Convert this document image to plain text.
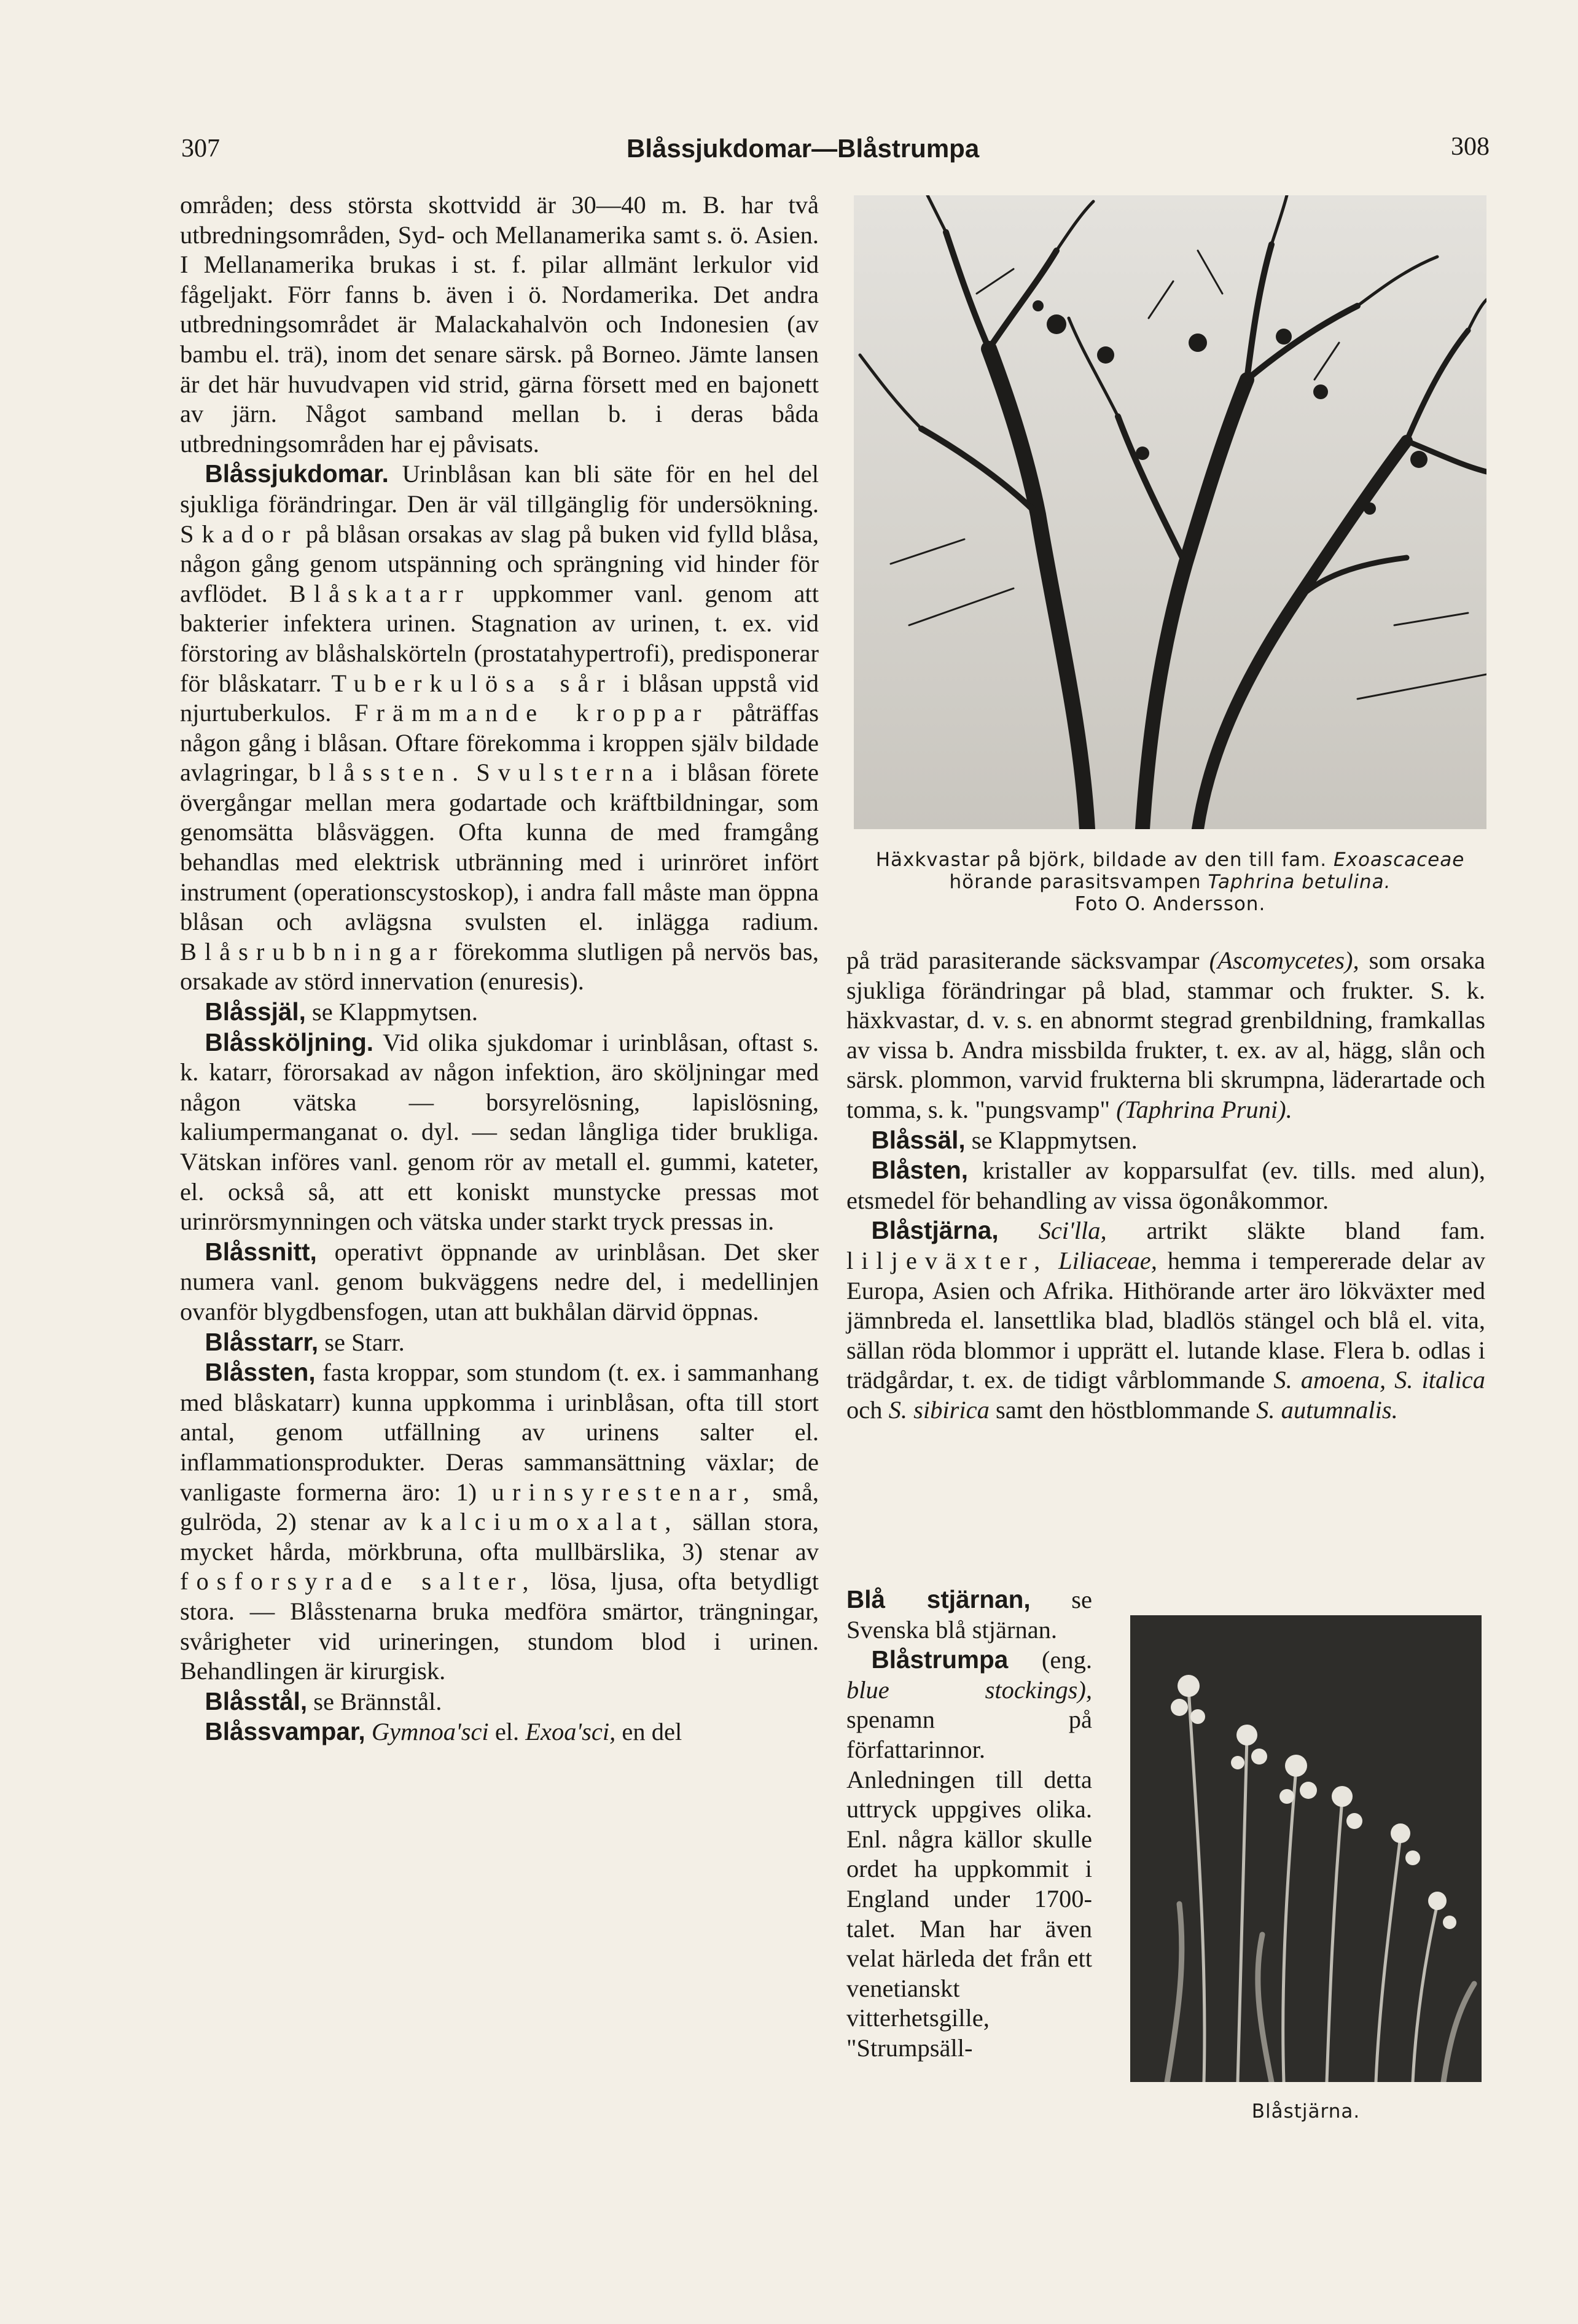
307	Blåssjukdomar—Blåstrumpa	308

områden; dess största skottvidd är 30—40 m. B. har två utbredningsområden, Syd- och Mellanamerika samt s. ö. Asien. I Mellanamerika brukas i st. f. pilar allmänt lerkulor vid fågeljakt. Förr fanns b. även i ö. Nordamerika. Det andra utbredningsområdet är Malackahalvön och Indonesien (av bambu el. trä), inom det senare särsk. på Borneo. Jämte lansen är det här huvudvapen vid strid, gärna försett med en bajonett av järn. Något samband mellan b. i deras båda utbredningsområden har ej påvisats.

 Blåssjukdomar. Urinblåsan kan bli säte för en hel del sjukliga förändringar. Den är väl tillgänglig för undersökning. Skador på blåsan orsakas av slag på buken vid fylld blåsa, någon gång genom utspänning och sprängning vid hinder för avflödet. Blåskatarr uppkommer vanl. genom att bakterier infektera urinen. Stagnation av urinen, t. ex. vid förstoring av blåshalskörteln (prostatahypertrofi), predisponerar för blåskatarr. Tuberkulösa sår i blåsan uppstå vid njurtuberkulos. Främmande kroppar påträffas någon gång i blåsan. Oftare förekomma i kroppen själv bildade avlagringar, blåssten. Svulsterna i blåsan förete övergångar mellan mera godartade och kräftbildningar, som genomsätta blåsväggen. Ofta kunna de med framgång behandlas med elektrisk utbränning med i urinröret infört instrument (operationscystoskop), i andra fall måste man öppna blåsan och avlägsna svulsten el. inlägga radium. Blåsrubbningar förekomma slutligen på nervös bas, orsakade av störd innervation (enuresis).

 Blåssjäl, se Klappmytsen.

 Blåssköljning. Vid olika sjukdomar i urinblåsan, oftast s. k. katarr, förorsakad av någon infektion, äro sköljningar med någon vätska — borsyrelösning, lapislösning, kaliumpermanganat o. dyl. — sedan långliga tider brukliga. Vätskan införes vanl. genom rör av metall el. gummi, kateter, el. också så, att ett koniskt munstycke pressas mot urinrörsmynningen och vätska under starkt tryck pressas in.

 Blåssnitt, operativt öppnande av urinblåsan. Det sker numera vanl. genom bukväggens nedre del, i medellinjen ovanför blygdbensfogen, utan att bukhålan därvid öppnas.

 Blåsstarr, se Starr.

 Blåssten, fasta kroppar, som stundom (t. ex. i sammanhang med blåskatarr) kunna uppkomma i urinblåsan, ofta till stort antal, genom utfällning av urinens salter el. inflammationsprodukter. Deras sammansättning växlar; de vanligaste formerna äro: 1) urinsyrestenar, små, gulröda, 2) stenar av kalciumoxalat, sällan stora, mycket hårda, mörkbruna, ofta mullbärslika, 3) stenar av fosforsyrade salter, lösa, ljusa, ofta betydligt stora. — Blåsstenarna bruka medföra smärtor, trängningar, svårigheter vid urineringen, stundom blod i urinen. Behandlingen är kirurgisk.

 Blåsstål, se Brännstål.

 Blåssvampar, Gymnoa'sci el. Exoa'sci, en del

Häxkvastar på björk, bildade av den till fam. Exoascaceae hörande parasitsvampen Taphrina betulina.
Foto O. Andersson.

på träd parasiterande säcksvampar (Ascomycetes), som orsaka sjukliga förändringar på blad, stammar och frukter. S. k. häxkvastar, d. v. s. en abnormt stegrad grenbildning, framkallas av vissa b. Andra missbilda frukter, t. ex. av al, hägg, slån och särsk. plommon, varvid frukterna bli skrumpna, läderartade och tomma, s. k. "pungsvamp" (Taphrina Pruni).

 Blåssäl, se Klappmytsen.

 Blåsten, kristaller av kopparsulfat (ev. tills. med alun), etsmedel för behandling av vissa ögonåkommor.

 Blåstjärna, Sci'lla, artrikt släkte bland fam. liljeväxter, Liliaceae, hemma i tempererade delar av Europa, Asien och Afrika. Hithörande arter äro lökväxter med jämnbreda el. lansettlika blad, bladlös stängel och blå el. vita, sällan röda blommor i upprätt el. lutande klase. Flera b. odlas i trädgårdar, t. ex. de tidigt vårblommande S. amoena, S. italica och S. sibirica samt den höstblommande S. autumnalis.

Blå stjärnan, se Svenska blå stjärnan.

 Blåstrumpa (eng. blue stockings), spenamn på författarinnor. Anledningen till detta uttryck uppgives olika. Enl. några källor skulle ordet ha uppkommit i England under 1700-talet. Man har även velat härleda det från ett venetianskt vitterhetsgille, "Strumpsäll-

Blåstjärna.
